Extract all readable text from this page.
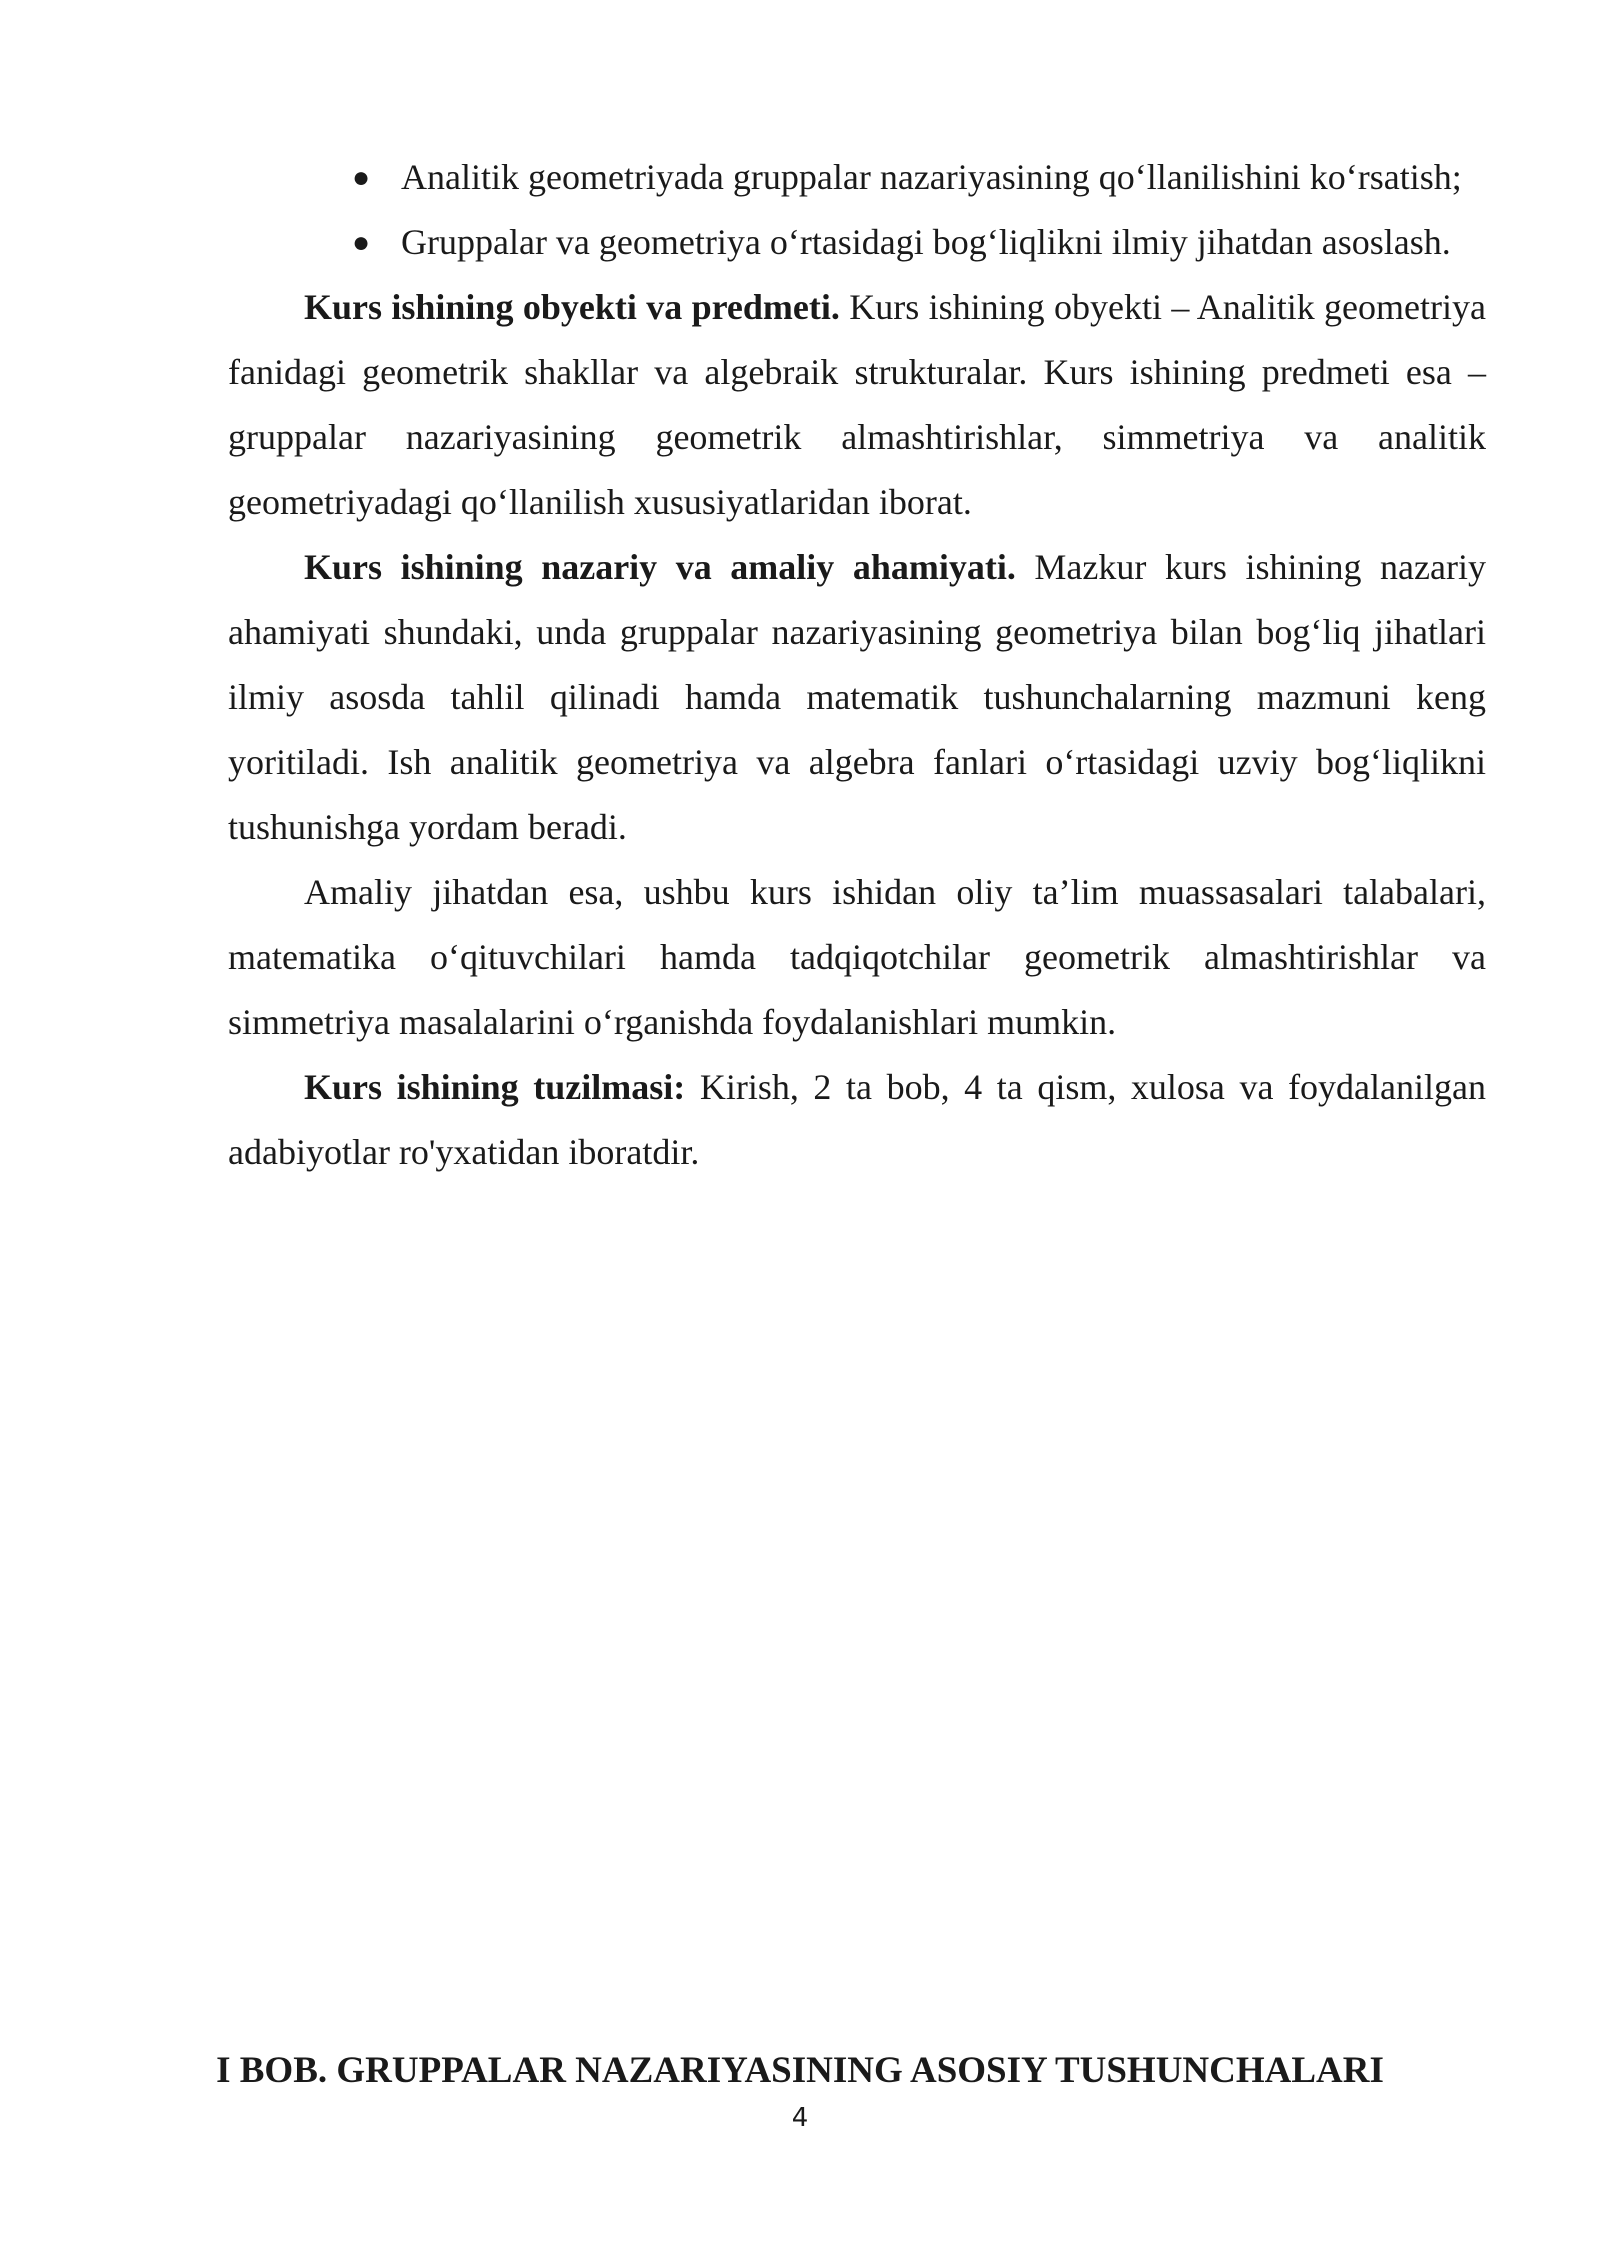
● Analitik geometriyada gruppalar nazariyasining qo‘llanilishini ko‘rsatish;
● Gruppalar va geometriya o‘rtasidagi bog‘liqlikni ilmiy jihatdan asoslash.

Kurs ishining obyekti va predmeti. Kurs ishining obyekti – Analitik geometriya fanidagi geometrik shakllar va algebraik strukturalar. Kurs ishining predmeti esa – gruppalar nazariyasining geometrik almashtirishlar, simmetriya va analitik geometriyadagi qo‘llanilish xususiyatlaridan iborat.

Kurs ishining nazariy va amaliy ahamiyati. Mazkur kurs ishining nazariy ahamiyati shundaki, unda gruppalar nazariyasining geometriya bilan bog‘liq jihatlari ilmiy asosda tahlil qilinadi hamda matematik tushunchalarning mazmuni keng yoritiladi. Ish analitik geometriya va algebra fanlari o‘rtasidagi uzviy bog‘liqlikni tushunishga yordam beradi.

Amaliy jihatdan esa, ushbu kurs ishidan oliy ta’lim muassasalari talabalari, matematika o‘qituvchilari hamda tadqiqotchilar geometrik almashtirishlar va simmetriya masalalarini o‘rganishda foydalanishlari mumkin.

Kurs ishining tuzilmasi: Kirish, 2 ta bob, 4 ta qism, xulosa va foydalanilgan adabiyotlar ro'yxatidan iboratdir.

I BOB. GRUPPALAR NAZARIYASINING ASOSIY TUSHUNCHALARI
4
